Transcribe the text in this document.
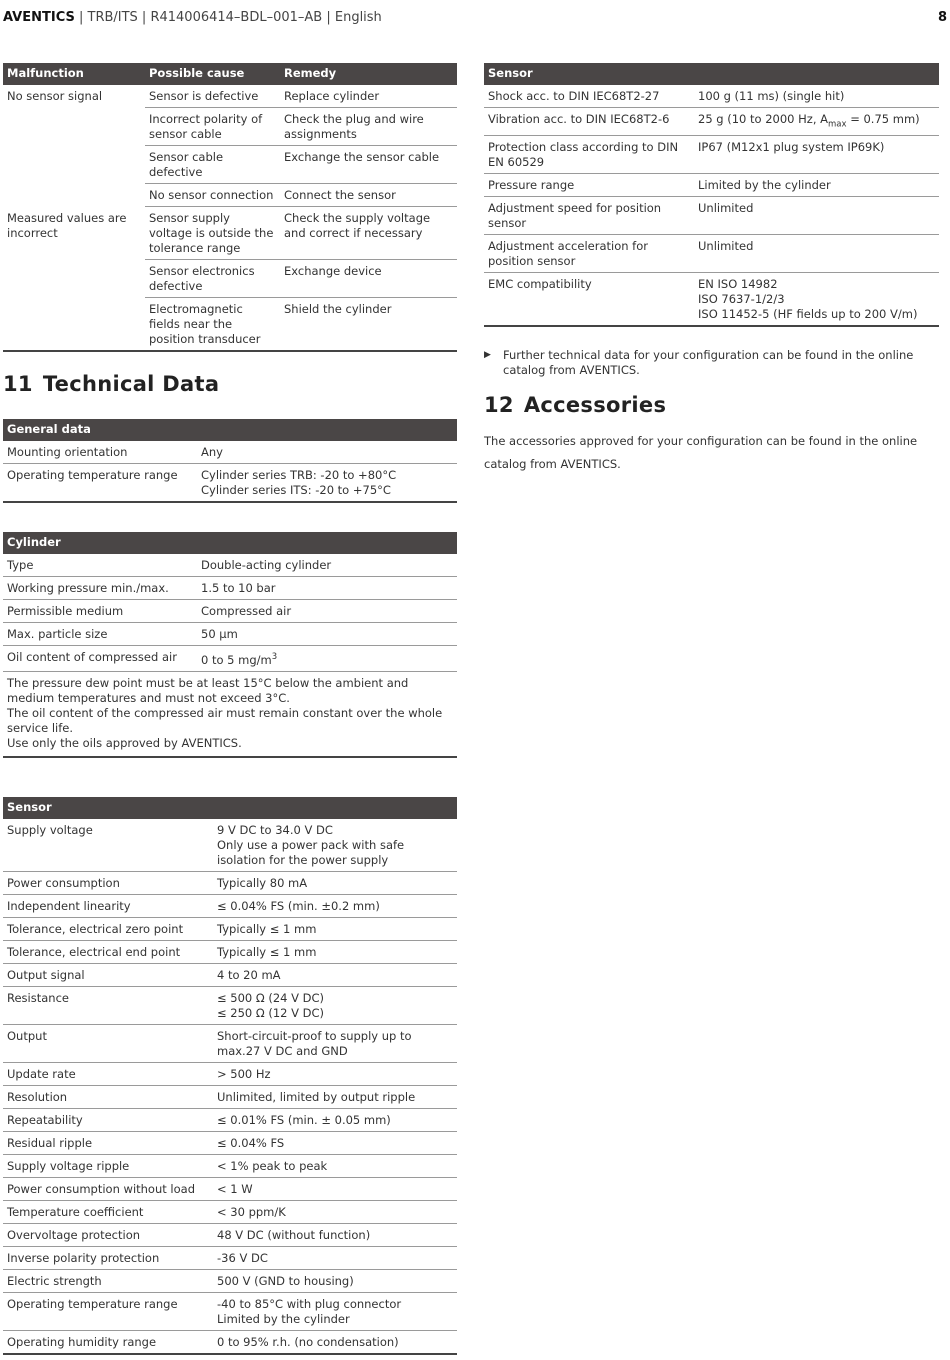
AVENTICS | TRB/ITS | R414006414–BDL–001–AB | English	8
Malfunction	Possible cause	Remedy
No sensor signal	Sensor is defective	Replace cylinder
	Incorrect polarity of sensor cable	Check the plug and wire assignments
	Sensor cable defective	Exchange the sensor cable
	No sensor connection	Connect the sensor
Measured values are incorrect	Sensor supply voltage is outside the tolerance range	Check the supply voltage and correct if necessary
	Sensor electronics defective	Exchange device
	Electromagnetic fields near the position transducer	Shield the cylinder
11 Technical Data
General data	
Mounting orientation	Any
Operating temperature range	Cylinder series TRB: -20 to +80°C
Cylinder series ITS: -20 to +75°C
Cylinder	
Type	Double-acting cylinder
Working pressure min./max.	1.5 to 10 bar
Permissible medium	Compressed air
Max. particle size	50 µm
Oil content of compressed air	0 to 5 $mg/m^3$
The pressure dew point must be at least 15°C below the ambient and medium temperatures and must not exceed 3°C.
The oil content of the compressed air must remain constant over the whole service life.
Use only the oils approved by AVENTICS.	
Sensor	
Supply voltage	9 V DC to 34.0 V DC
Only use a power pack with safe isolation for the power supply
Power consumption	Typically 80 mA
Independent linearity	≤ 0.04% FS (min. ±0.2 mm)
Tolerance, electrical zero point	Typically ≤ 1 mm
Tolerance, electrical end point	Typically ≤ 1 mm
Output signal	4 to 20 mA
Resistance	≤ 500 Ω (24 V DC)
≤ 250 Ω (12 V DC)
Output	Short-circuit-proof to supply up to max.27 V DC and GND
Update rate	> 500 Hz
Resolution	Unlimited, limited by output ripple
Repeatability	≤ 0.01% FS (min. ± 0.05 mm)
Residual ripple	≤ 0.04% FS
Supply voltage ripple	< 1% peak to peak
Power consumption without load	< 1 W
Temperature coefficient	< 30 ppm/K
Overvoltage protection	48 V DC (without function)
Inverse polarity protection	-36 V DC
Electric strength	500 V (GND to housing)
Operating temperature range	-40 to 85°C with plug connector
Limited by the cylinder
Operating humidity range	0 to 95% r.h. (no condensation)
Sensor	
Shock acc. to DIN IEC68T2-27	100 g (11 ms) (single hit)
Vibration acc. to DIN IEC68T2-6	25 g (10 to 2000 Hz, $A_{max} = 0.75$ mm)
Protection class according to DIN EN 60529	IP67 (M12x1 plug system IP69K)
Pressure range	Limited by the cylinder
Adjustment speed for position sensor	Unlimited
Adjustment acceleration for position sensor	Unlimited
EMC compatibility	EN ISO 14982
ISO 7637-1/2/3
ISO 11452-5 (HF fields up to 200 V/m)
▶ Further technical data for your configuration can be found in the online catalog from AVENTICS.
12 Accessories
The accessories approved for your configuration can be found in the online catalog from AVENTICS.
